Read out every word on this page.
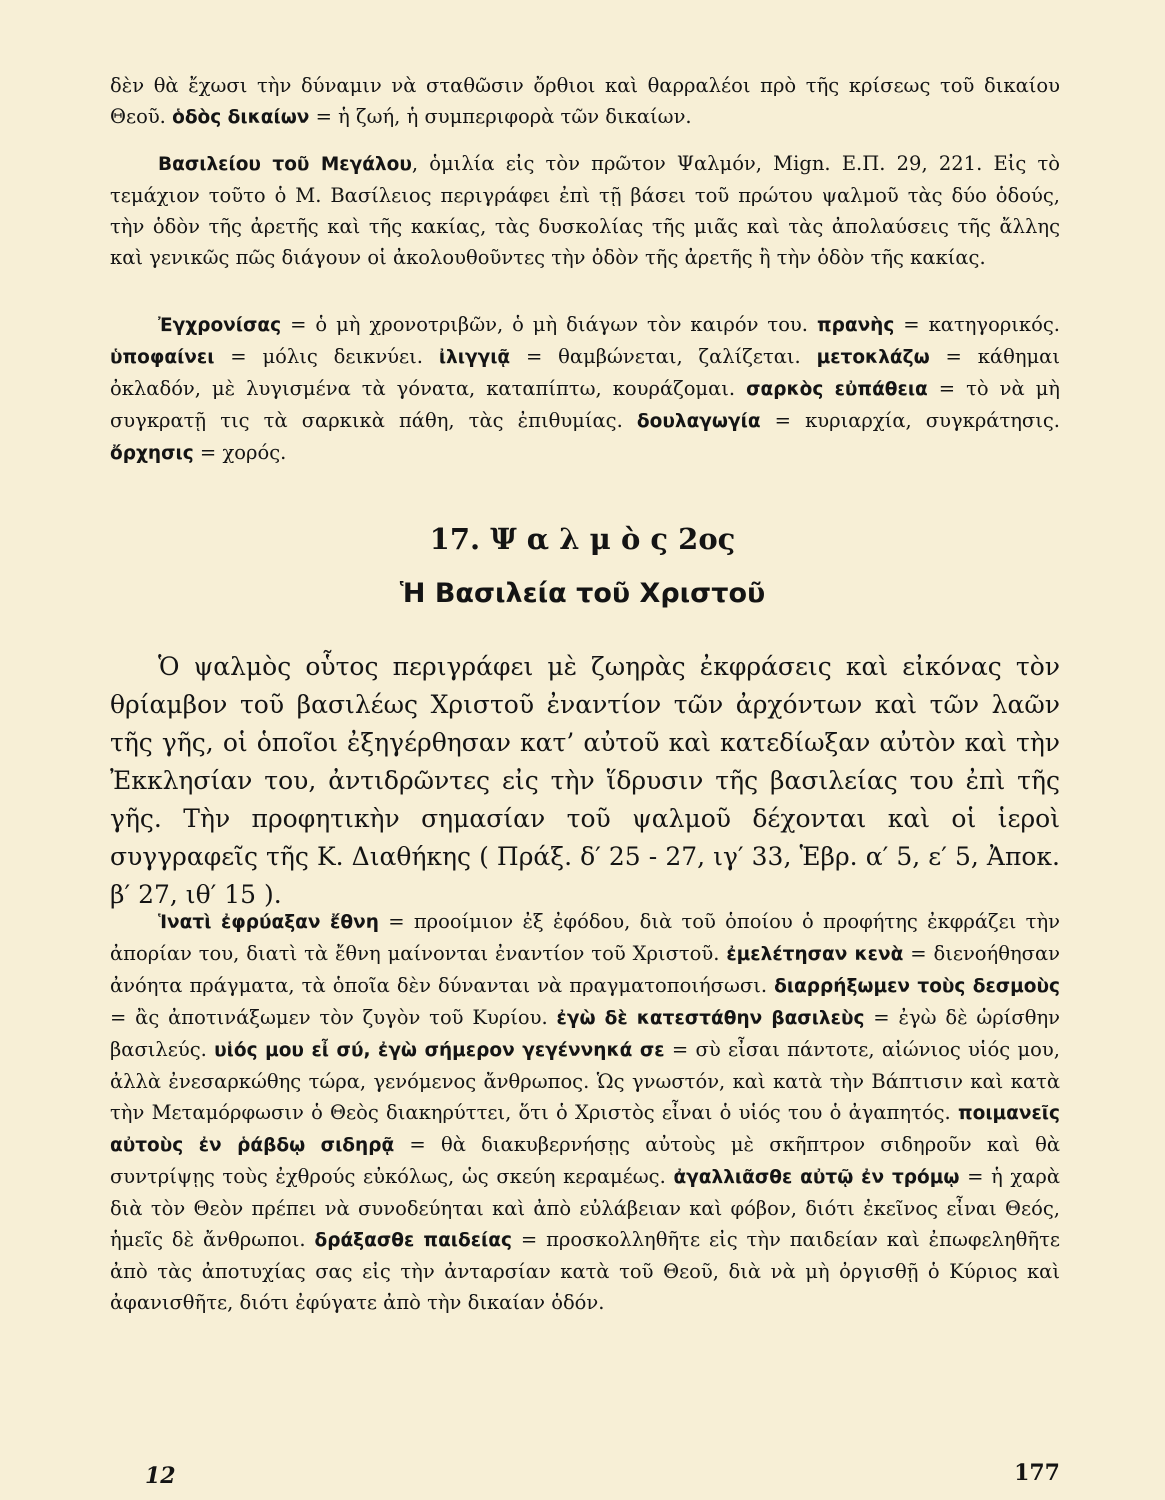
δὲν θὰ ἔχωσι τὴν δύναμιν νὰ σταθῶσιν ὄρθιοι καὶ θαρραλέοι πρὸ τῆς κρίσεως τοῦ δικαίου Θεοῦ. ὁδὸς δικαίων = ἡ ζωή, ἡ συμπεριφορὰ τῶν δικαίων.
Βασιλείου τοῦ Μεγάλου, ὁμιλία εἰς τὸν πρῶτον Ψαλμόν, Mign. Ε.Π. 29, 221. Εἰς τὸ τεμάχιον τοῦτο ὁ Μ. Βασίλειος περιγράφει ἐπὶ τῇ βάσει τοῦ πρώτου ψαλμοῦ τὰς δύο ὁδούς, τὴν ὁδὸν τῆς ἀρετῆς καὶ τῆς κακίας, τὰς δυσκολίας τῆς μιᾶς καὶ τὰς ἀπολαύσεις τῆς ἄλλης καὶ γενικῶς πῶς διάγουν οἱ ἀκολουθοῦντες τὴν ὁδὸν τῆς ἀρετῆς ἢ τὴν ὁδὸν τῆς κακίας.
Ἐγχρονίσας = ὁ μὴ χρονοτριβῶν, ὁ μὴ διάγων τὸν καιρόν του. πρανὴς = κατηγορικός. ὑποφαίνει = μόλις δεικνύει. ἰλιγγιᾷ = θαμβώνεται, ζαλίζεται. μετοκλάζω = κάθημαι ὀκλαδόν, μὲ λυγισμένα τὰ γόνατα, καταπίπτω, κουράζομαι. σαρκὸς εὐπάθεια = τὸ νὰ μὴ συγκρατῇ τις τὰ σαρκικὰ πάθη, τὰς ἐπιθυμίας. δουλαγωγία = κυριαρχία, συγκράτησις. ὄρχησις = χορός.
17. Ψ α λ μ ὸ ς 2ος
Ἡ Βασιλεία τοῦ Χριστοῦ
Ὁ ψαλμὸς οὗτος περιγράφει μὲ ζωηρὰς ἐκφράσεις καὶ εἰκόνας τὸν θρίαμβον τοῦ βασιλέως Χριστοῦ ἐναντίον τῶν ἀρχόντων καὶ τῶν λαῶν τῆς γῆς, οἱ ὁποῖοι ἐξηγέρθησαν κατ’ αὐτοῦ καὶ κατεδίωξαν αὐτὸν καὶ τὴν Ἐκκλησίαν του, ἀντιδρῶντες εἰς τὴν ἵδρυσιν τῆς βασιλείας του ἐπὶ τῆς γῆς. Τὴν προφητικὴν σημασίαν τοῦ ψαλμοῦ δέχονται καὶ οἱ ἱεροὶ συγγραφεῖς τῆς Κ. Διαθήκης ( Πράξ. δ′ 25 - 27, ιγ′ 33, Ἑβρ. α′ 5, ε′ 5, Ἀποκ. β′ 27, ιθ′ 15 ).
Ἱνατὶ ἐφρύαξαν ἔθνη = προοίμιον ἐξ ἐφόδου, διὰ τοῦ ὁποίου ὁ προφήτης ἐκφράζει τὴν ἀπορίαν του, διατὶ τὰ ἔθνη μαίνονται ἐναντίον τοῦ Χριστοῦ. ἐμελέτησαν κενὰ = διενοήθησαν ἀνόητα πράγματα, τὰ ὁποῖα δὲν δύνανται νὰ πραγματοποιήσωσι. διαρρήξωμεν τοὺς δεσμοὺς = ἂς ἀποτινάξωμεν τὸν ζυγὸν τοῦ Κυρίου. ἐγὼ δὲ κατεστάθην βασιλεὺς = ἐγὼ δὲ ὡρίσθην βασιλεύς. υἱός μου εἶ σύ, ἐγὼ σήμερον γεγέννηκά σε = σὺ εἶσαι πάντοτε, αἰώνιος υἱός μου, ἀλλὰ ἐνεσαρκώθης τώρα, γενόμενος ἄνθρωπος. Ὡς γνωστόν, καὶ κατὰ τὴν Βάπτισιν καὶ κατὰ τὴν Μεταμόρφωσιν ὁ Θεὸς διακηρύττει, ὅτι ὁ Χριστὸς εἶναι ὁ υἱός του ὁ ἀγαπητός. ποιμανεῖς αὐτοὺς ἐν ῥάβδῳ σιδηρᾷ = θὰ διακυβερνήσῃς αὐτοὺς μὲ σκῆπτρον σιδηροῦν καὶ θὰ συντρίψῃς τοὺς ἐχθρούς εὐκόλως, ὡς σκεύη κεραμέως. ἀγαλλιᾶσθε αὐτῷ ἐν τρόμῳ = ἡ χαρὰ διὰ τὸν Θεὸν πρέπει νὰ συνοδεύηται καὶ ἀπὸ εὐλάβειαν καὶ φόβον, διότι ἐκεῖνος εἶναι Θεός, ἡμεῖς δὲ ἄνθρωποι. δράξασθε παιδείας = προσκολληθῆτε εἰς τὴν παιδείαν καὶ ἐπωφεληθῆτε ἀπὸ τὰς ἀποτυχίας σας εἰς τὴν ἀνταρσίαν κατὰ τοῦ Θεοῦ, διὰ νὰ μὴ ὀργισθῇ ὁ Κύριος καὶ ἀφανισθῆτε, διότι ἐφύγατε ἀπὸ τὴν δικαίαν ὁδόν.
12	177
